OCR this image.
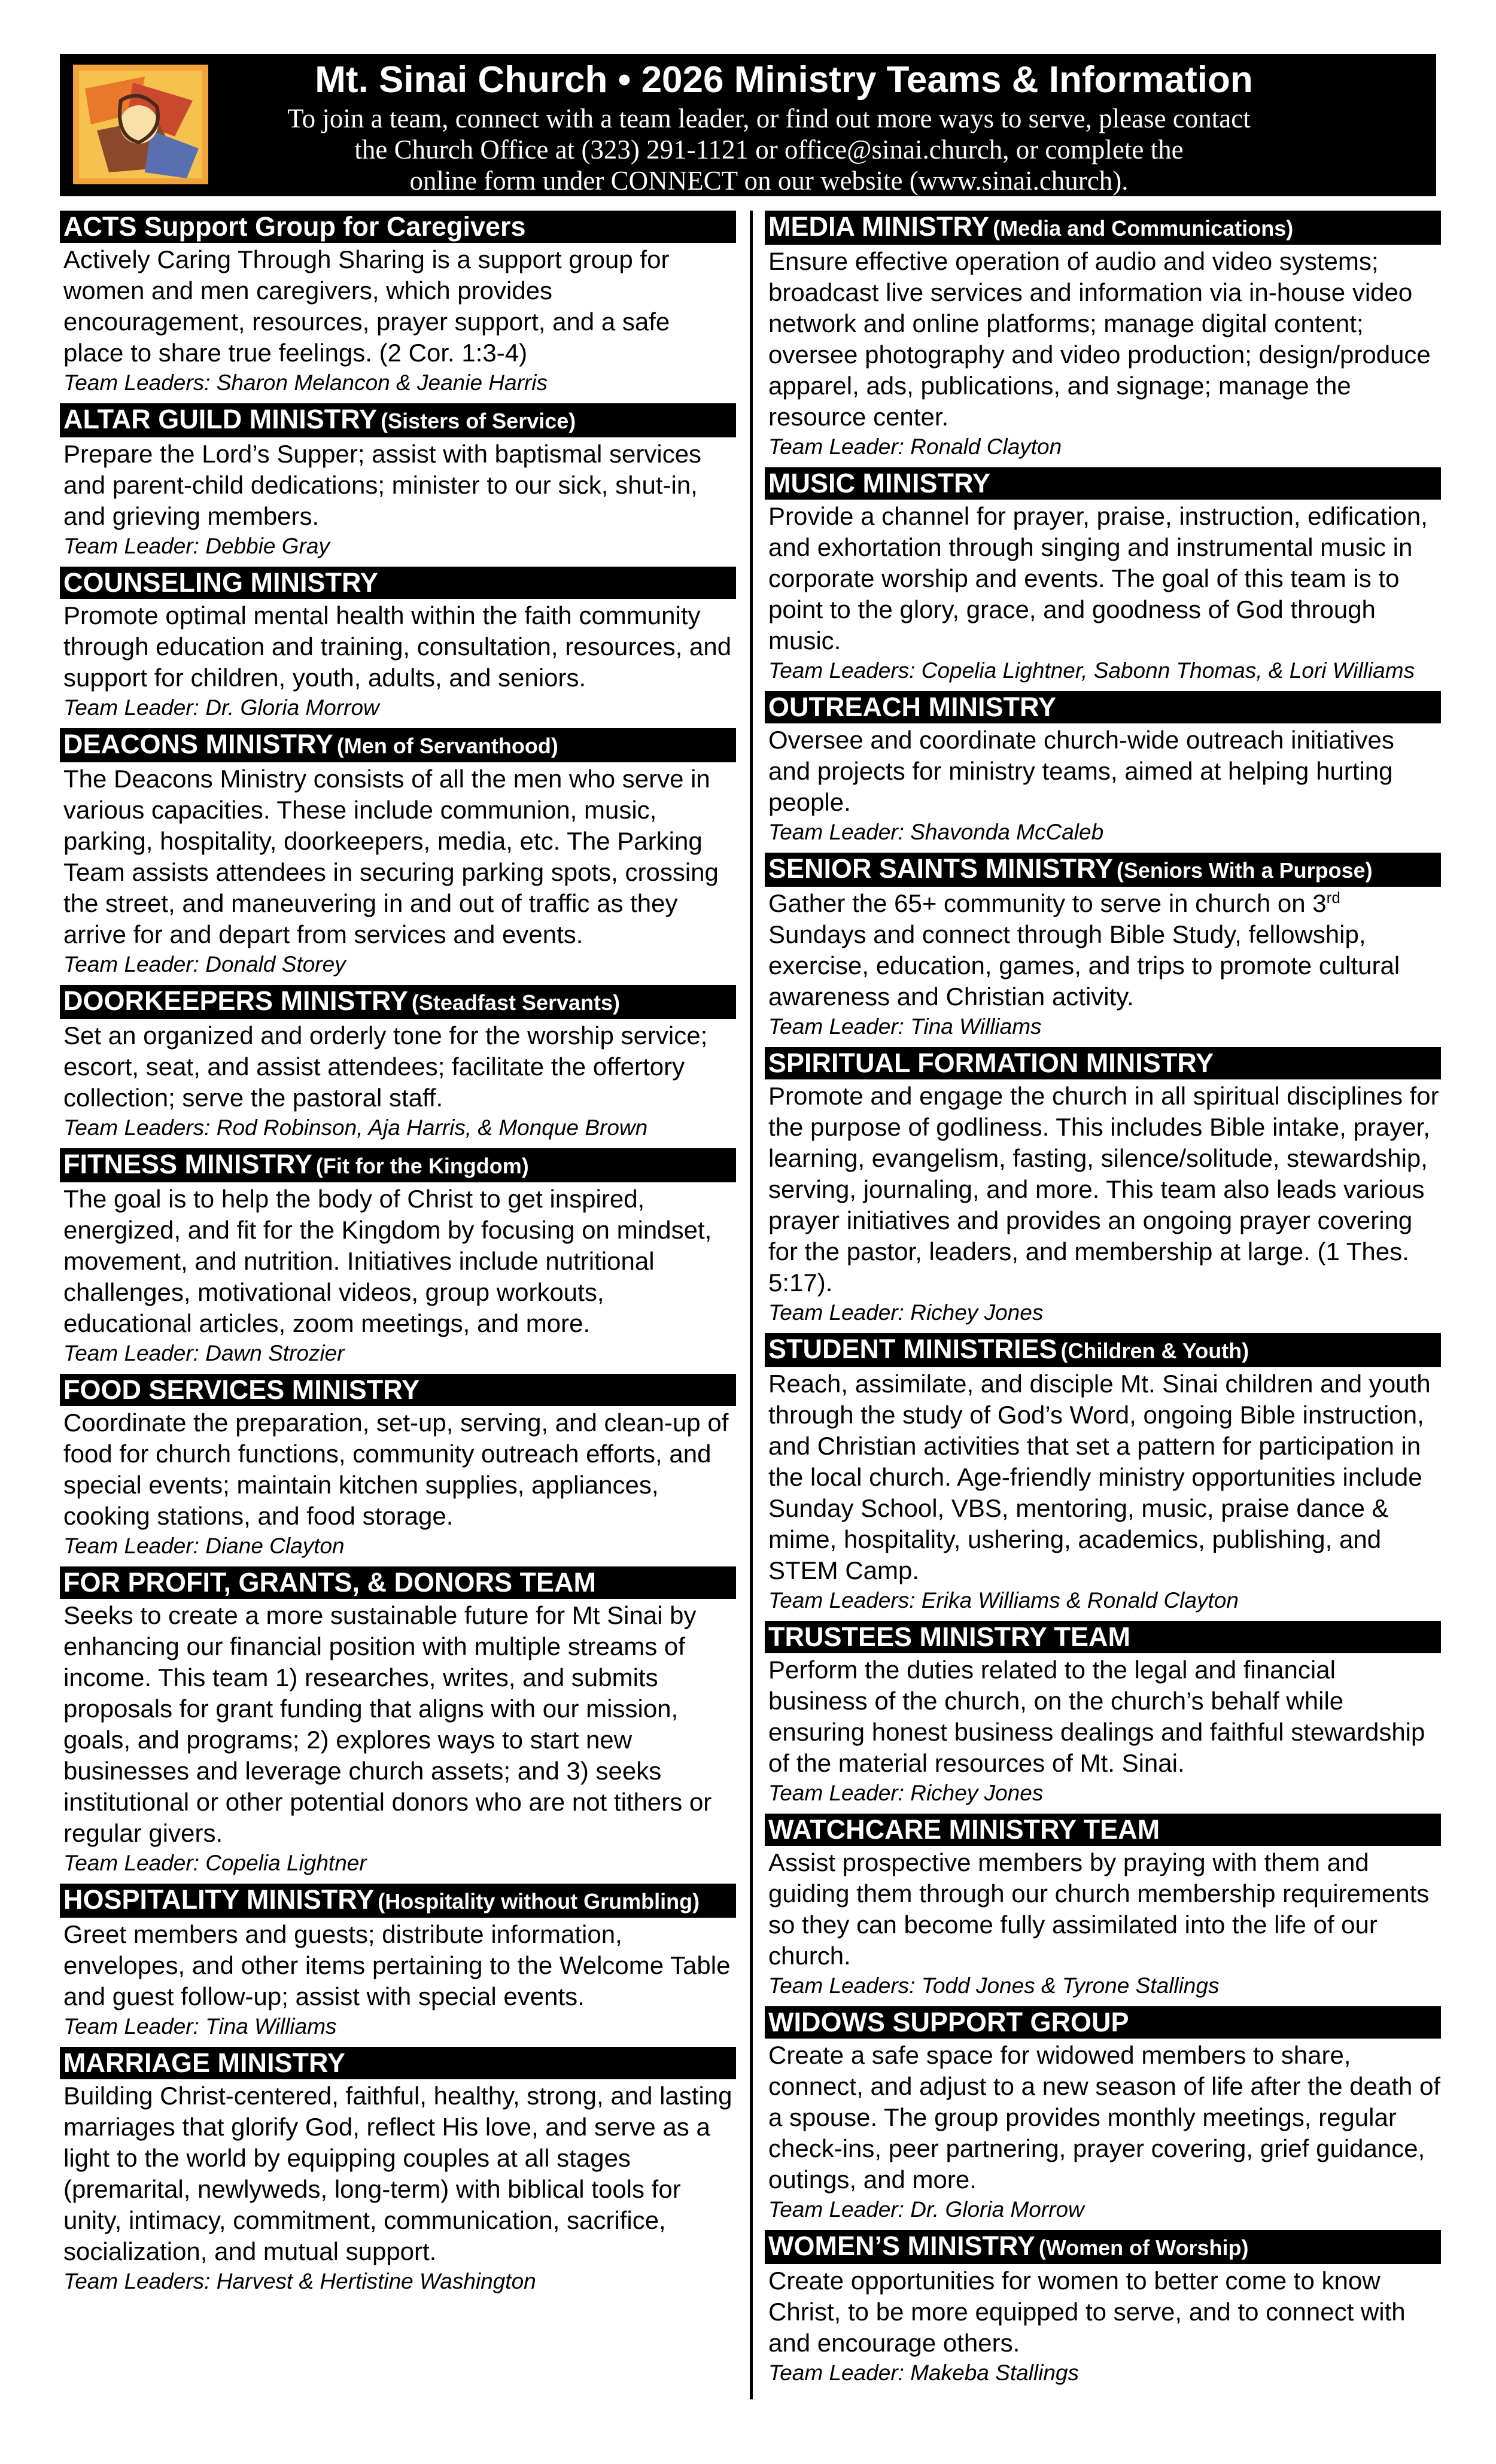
Mt. Sinai Church • 2026 Ministry Teams & Information
To join a team, connect with a team leader, or find out more ways to serve, please contact
the Church Office at (323) 291-1121 or office@sinai.church, or complete the
online form under CONNECT on our website (www.sinai.church).
ACTS Support Group for Caregivers
Actively Caring Through Sharing is a support group for women and men caregivers, which provides encouragement, resources, prayer support, and a safe place to share true feelings. (2 Cor. 1:3-4)
Team Leaders: Sharon Melancon & Jeanie Harris
ALTAR GUILD MINISTRY (Sisters of Service)
Prepare the Lord’s Supper; assist with baptismal services and parent-child dedications; minister to our sick, shut-in, and grieving members.
Team Leader: Debbie Gray
COUNSELING MINISTRY
Promote optimal mental health within the faith community through education and training, consultation, resources, and support for children, youth, adults, and seniors.
Team Leader: Dr. Gloria Morrow
DEACONS MINISTRY (Men of Servanthood)
The Deacons Ministry consists of all the men who serve in various capacities. These include communion, music, parking, hospitality, doorkeepers, media, etc. The Parking Team assists attendees in securing parking spots, crossing the street, and maneuvering in and out of traffic as they arrive for and depart from services and events.
Team Leader: Donald Storey
DOORKEEPERS MINISTRY (Steadfast Servants)
Set an organized and orderly tone for the worship service; escort, seat, and assist attendees; facilitate the offertory collection; serve the pastoral staff.
Team Leaders: Rod Robinson, Aja Harris, & Monque Brown
FITNESS MINISTRY (Fit for the Kingdom)
The goal is to help the body of Christ to get inspired, energized, and fit for the Kingdom by focusing on mindset, movement, and nutrition. Initiatives include nutritional challenges, motivational videos, group workouts, educational articles, zoom meetings, and more.
Team Leader: Dawn Strozier
FOOD SERVICES MINISTRY
Coordinate the preparation, set-up, serving, and clean-up of food for church functions, community outreach efforts, and special events; maintain kitchen supplies, appliances, cooking stations, and food storage.
Team Leader: Diane Clayton
FOR PROFIT, GRANTS, & DONORS TEAM
Seeks to create a more sustainable future for Mt Sinai by enhancing our financial position with multiple streams of income. This team 1) researches, writes, and submits proposals for grant funding that aligns with our mission, goals, and programs; 2) explores ways to start new businesses and leverage church assets; and 3) seeks institutional or other potential donors who are not tithers or regular givers.
Team Leader: Copelia Lightner
HOSPITALITY MINISTRY (Hospitality without Grumbling)
Greet members and guests; distribute information, envelopes, and other items pertaining to the Welcome Table and guest follow-up; assist with special events.
Team Leader: Tina Williams
MARRIAGE MINISTRY
Building Christ-centered, faithful, healthy, strong, and lasting marriages that glorify God, reflect His love, and serve as a light to the world by equipping couples at all stages (premarital, newlyweds, long-term) with biblical tools for unity, intimacy, commitment, communication, sacrifice, socialization, and mutual support.
Team Leaders: Harvest & Hertistine Washington
MEDIA MINISTRY (Media and Communications)
Ensure effective operation of audio and video systems; broadcast live services and information via in-house video network and online platforms; manage digital content; oversee photography and video production; design/produce apparel, ads, publications, and signage; manage the resource center.
Team Leader: Ronald Clayton
MUSIC MINISTRY
Provide a channel for prayer, praise, instruction, edification, and exhortation through singing and instrumental music in corporate worship and events. The goal of this team is to point to the glory, grace, and goodness of God through music.
Team Leaders: Copelia Lightner, Sabonn Thomas, & Lori Williams
OUTREACH MINISTRY
Oversee and coordinate church-wide outreach initiatives and projects for ministry teams, aimed at helping hurting people.
Team Leader: Shavonda McCaleb
SENIOR SAINTS MINISTRY (Seniors With a Purpose)
Gather the 65+ community to serve in church on 3rd Sundays and connect through Bible Study, fellowship, exercise, education, games, and trips to promote cultural awareness and Christian activity.
Team Leader: Tina Williams
SPIRITUAL FORMATION MINISTRY
Promote and engage the church in all spiritual disciplines for the purpose of godliness. This includes Bible intake, prayer, learning, evangelism, fasting, silence/solitude, stewardship, serving, journaling, and more. This team also leads various prayer initiatives and provides an ongoing prayer covering for the pastor, leaders, and membership at large. (1 Thes. 5:17).
Team Leader: Richey Jones
STUDENT MINISTRIES (Children & Youth)
Reach, assimilate, and disciple Mt. Sinai children and youth through the study of God’s Word, ongoing Bible instruction, and Christian activities that set a pattern for participation in the local church. Age-friendly ministry opportunities include Sunday School, VBS, mentoring, music, praise dance & mime, hospitality, ushering, academics, publishing, and STEM Camp.
Team Leaders: Erika Williams & Ronald Clayton
TRUSTEES MINISTRY TEAM
Perform the duties related to the legal and financial business of the church, on the church’s behalf while ensuring honest business dealings and faithful stewardship of the material resources of Mt. Sinai.
Team Leader: Richey Jones
WATCHCARE MINISTRY TEAM
Assist prospective members by praying with them and guiding them through our church membership requirements so they can become fully assimilated into the life of our church.
Team Leaders: Todd Jones & Tyrone Stallings
WIDOWS SUPPORT GROUP
Create a safe space for widowed members to share, connect, and adjust to a new season of life after the death of a spouse. The group provides monthly meetings, regular check-ins, peer partnering, prayer covering, grief guidance, outings, and more.
Team Leader: Dr. Gloria Morrow
WOMEN’S MINISTRY (Women of Worship)
Create opportunities for women to better come to know Christ, to be more equipped to serve, and to connect with and encourage others.
Team Leader: Makeba Stallings
